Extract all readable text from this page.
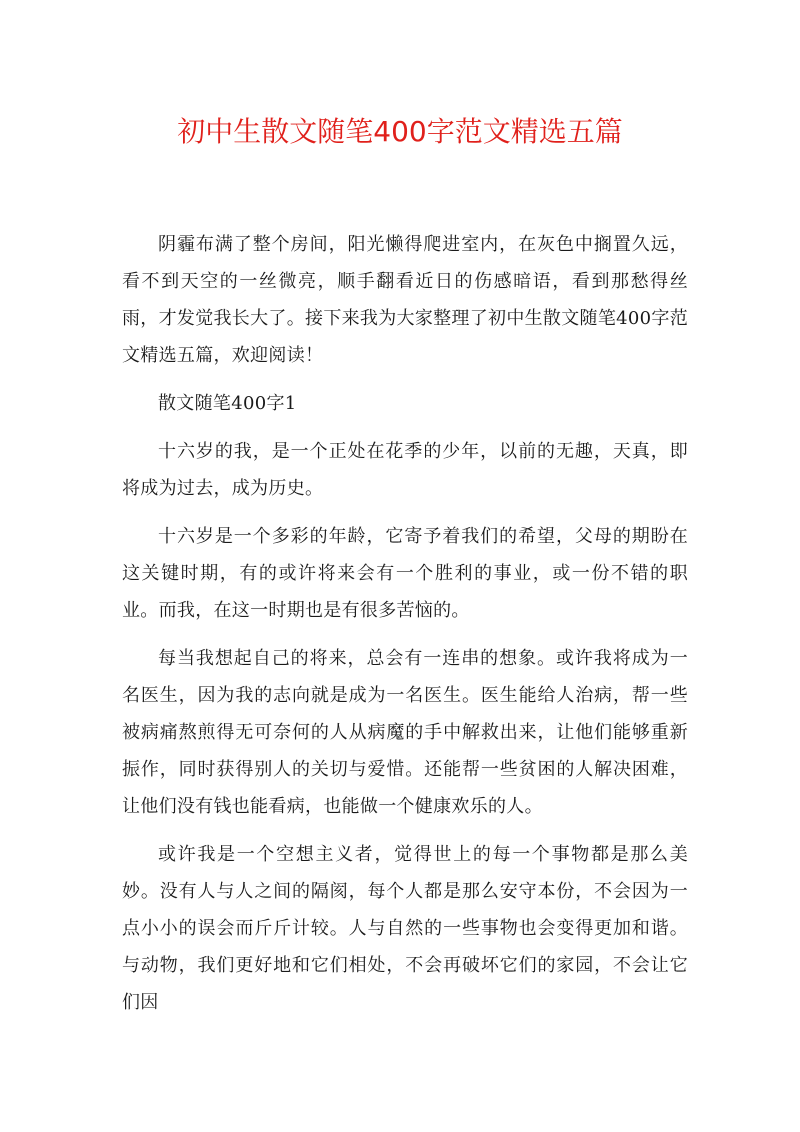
初中生散文随笔400字范文精选五篇

阴霾布满了整个房间，阳光懒得爬进室内，在灰色中搁置久远，看不到天空的一丝微亮，顺手翻看近日的伤感暗语，看到那愁得丝雨，才发觉我长大了。接下来我为大家整理了初中生散文随笔400字范文精选五篇，欢迎阅读！

散文随笔400字1

十六岁的我，是一个正处在花季的少年，以前的无趣，天真，即将成为过去，成为历史。

十六岁是一个多彩的年龄，它寄予着我们的希望，父母的期盼在这关键时期，有的或许将来会有一个胜利的事业，或一份不错的职业。而我，在这一时期也是有很多苦恼的。

每当我想起自己的将来，总会有一连串的想象。或许我将成为一名医生，因为我的志向就是成为一名医生。医生能给人治病，帮一些被病痛熬煎得无可奈何的人从病魔的手中解救出来，让他们能够重新振作，同时获得别人的关切与爱惜。还能帮一些贫困的人解决困难，让他们没有钱也能看病，也能做一个健康欢乐的人。

或许我是一个空想主义者，觉得世上的每一个事物都是那么美妙。没有人与人之间的隔阂，每个人都是那么安守本份，不会因为一点小小的误会而斤斤计较。人与自然的一些事物也会变得更加和谐。与动物，我们更好地和它们相处，不会再破坏它们的家园，不会让它们因
